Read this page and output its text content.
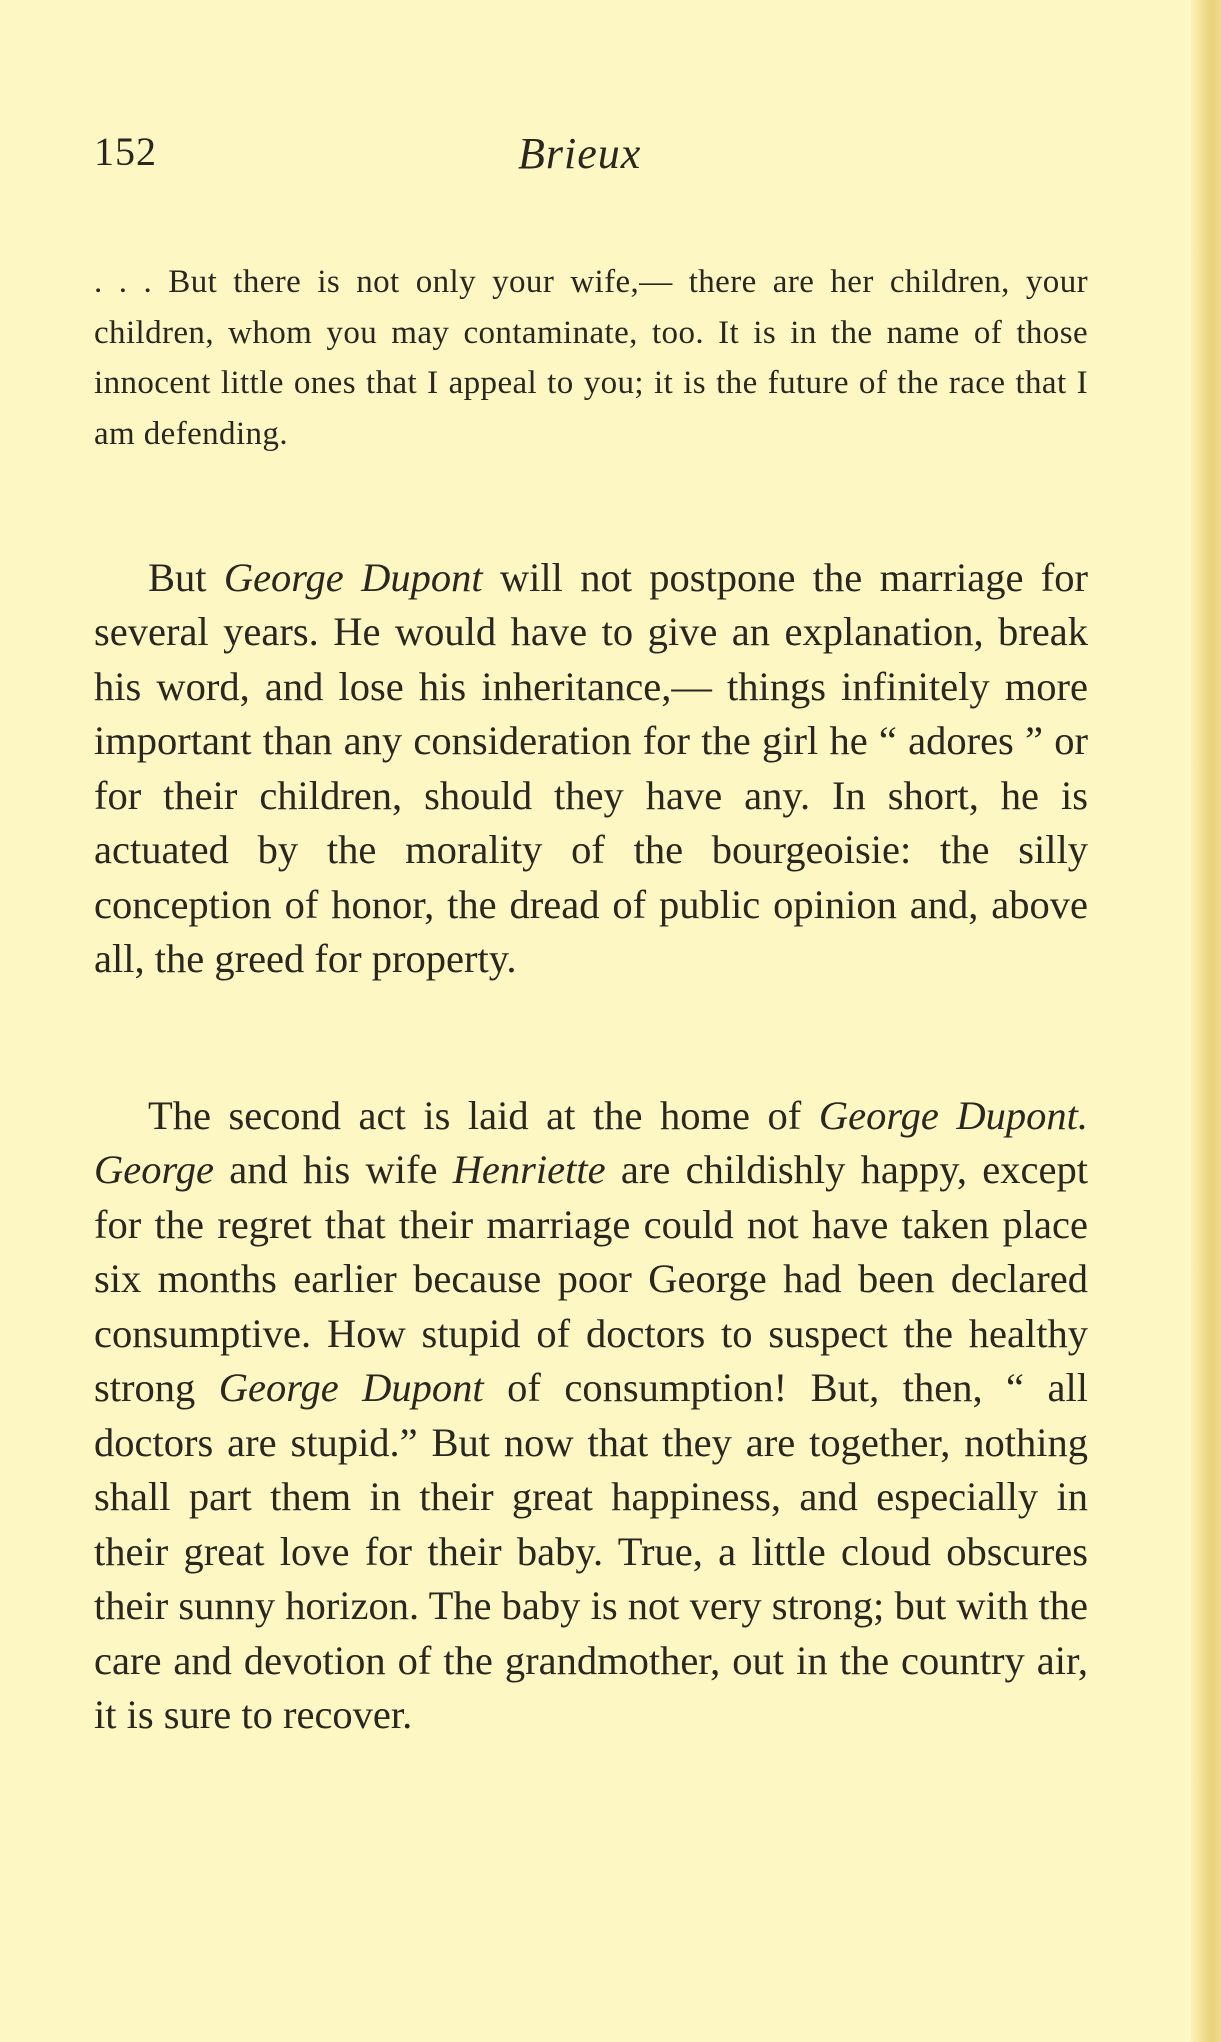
152	Brieux

. . . But there is not only your wife,— there are her children, your children, whom you may contaminate, too. It is in the name of those innocent little ones that I appeal to you; it is the future of the race that I am defending.

But George Dupont will not postpone the marriage for several years. He would have to give an explanation, break his word, and lose his inheritance,— things infinitely more important than any consideration for the girl he “ adores ” or for their children, should they have any. In short, he is actuated by the morality of the bourgeoisie: the silly conception of honor, the dread of public opinion and, above all, the greed for property.

The second act is laid at the home of George Dupont. George and his wife Henriette are childishly happy, except for the regret that their marriage could not have taken place six months earlier because poor George had been declared consumptive. How stupid of doctors to suspect the healthy strong George Dupont of consumption! But, then, “ all doctors are stupid.” But now that they are together, nothing shall part them in their great happiness, and especially in their great love for their baby. True, a little cloud obscures their sunny horizon. The baby is not very strong; but with the care and devotion of the grandmother, out in the country air, it is sure to recover.
